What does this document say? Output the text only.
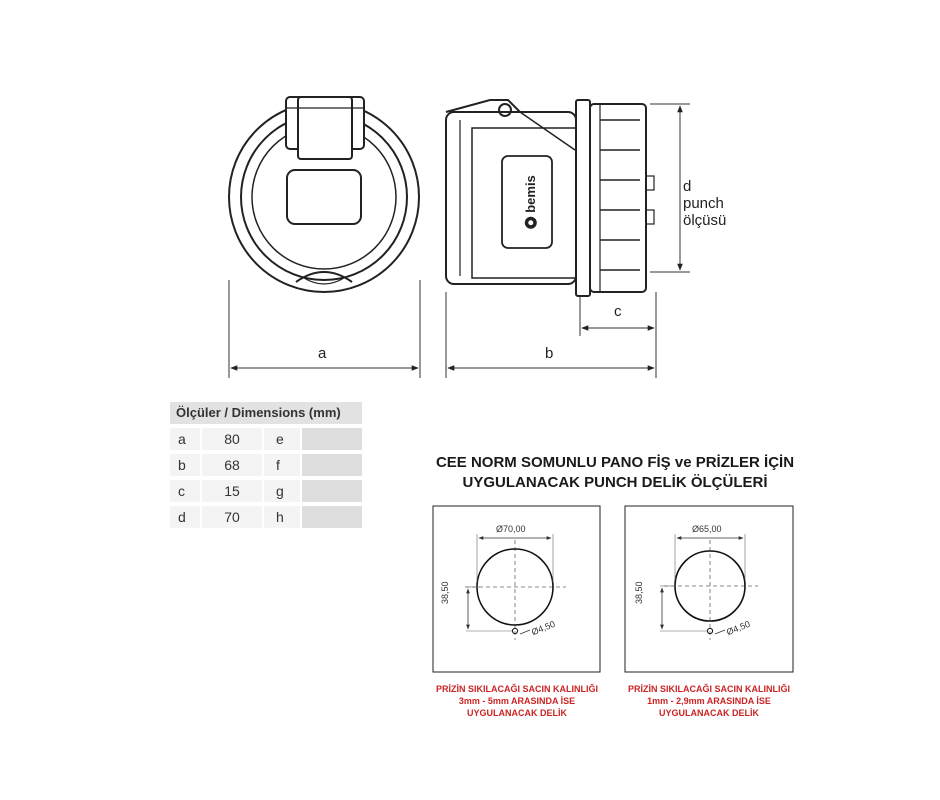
bemis
a	b
c
d
punch
ölçüsü
Ölçüler / Dimensions (mm)
a	80	e
b	68	f
c	15	g
d	70	h
CEE NORM SOMUNLU PANO FİŞ ve PRİZLER İÇİN
UYGULANACAK PUNCH DELİK ÖLÇÜLERİ
Ø70,00
38,50
Ø4,50
Ø65,00
38,50
Ø4,50
PRİZİN SIKILACAĞI SACIN KALINLIĞI
3mm - 5mm ARASINDA İSE
UYGULANACAK DELİK
PRİZİN SIKILACAĞI SACIN KALINLIĞI
1mm - 2,9mm ARASINDA İSE
UYGULANACAK DELİK
